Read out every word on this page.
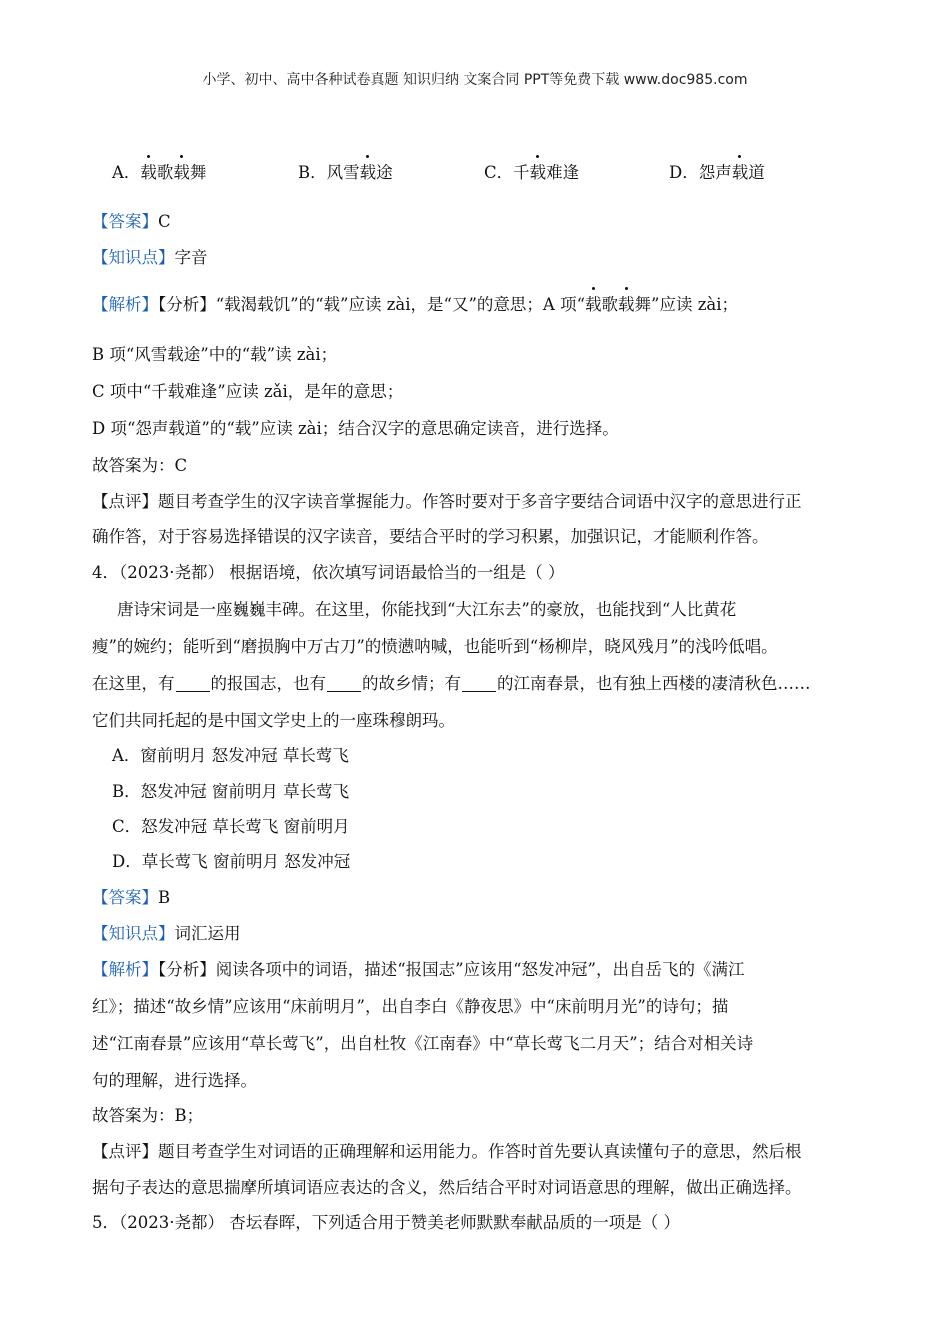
小学、初中、高中各种试卷真题 知识归纳 文案合同 PPT等免费下载 www.doc985.com
A．载歌载舞	B．风雪载途	C．千载难逢	D．怨声载道
【答案】C
【知识点】字音
【解析】【分析】“载渴载饥”的“载”应读 zài，是“又”的意思；A 项“载歌载舞”应读 zài；
B 项“风雪载途”中的“载”读 zài；
C 项中“千载难逢”应读 zǎi，是年的意思；
D 项“怨声载道”的“载”应读 zài；结合汉字的意思确定读音，进行选择。
故答案为：C
【点评】题目考查学生的汉字读音掌握能力。作答时要对于多音字要结合词语中汉字的意思进行正
确作答，对于容易选择错误的汉字读音，要结合平时的学习积累，加强识记，才能顺利作答。
4．（2023·尧都） 根据语境，依次填写词语最恰当的一组是（ ）
唐诗宋词是一座巍巍丰碑。在这里，你能找到“大江东去”的豪放，也能找到“人比黄花
瘦”的婉约；能听到“磨损胸中万古刀”的愤懑呐喊，也能听到“杨柳岸，晓风残月”的浅吟低唱。
在这里，有 的报国志，也有 的故乡情；有 的江南春景，也有独上西楼的凄清秋色……
它们共同托起的是中国文学史上的一座珠穆朗玛。
A．窗前明月 怒发冲冠 草长莺飞
B．怒发冲冠 窗前明月 草长莺飞
C．怒发冲冠 草长莺飞 窗前明月
D．草长莺飞 窗前明月 怒发冲冠
【答案】B
【知识点】词汇运用
【解析】【分析】阅读各项中的词语，描述“报国志”应该用“怒发冲冠”，出自岳飞的《满江
红》；描述“故乡情”应该用“床前明月”，出自李白《静夜思》中“床前明月光”的诗句；描
述“江南春景”应该用“草长莺飞”，出自杜牧《江南春》中“草长莺飞二月天”；结合对相关诗
句的理解，进行选择。
故答案为：B；
【点评】题目考查学生对词语的正确理解和运用能力。作答时首先要认真读懂句子的意思，然后根
据句子表达的意思揣摩所填词语应表达的含义，然后结合平时对词语意思的理解，做出正确选择。
5．（2023·尧都） 杏坛春晖，下列适合用于赞美老师默默奉献品质的一项是（ ）
